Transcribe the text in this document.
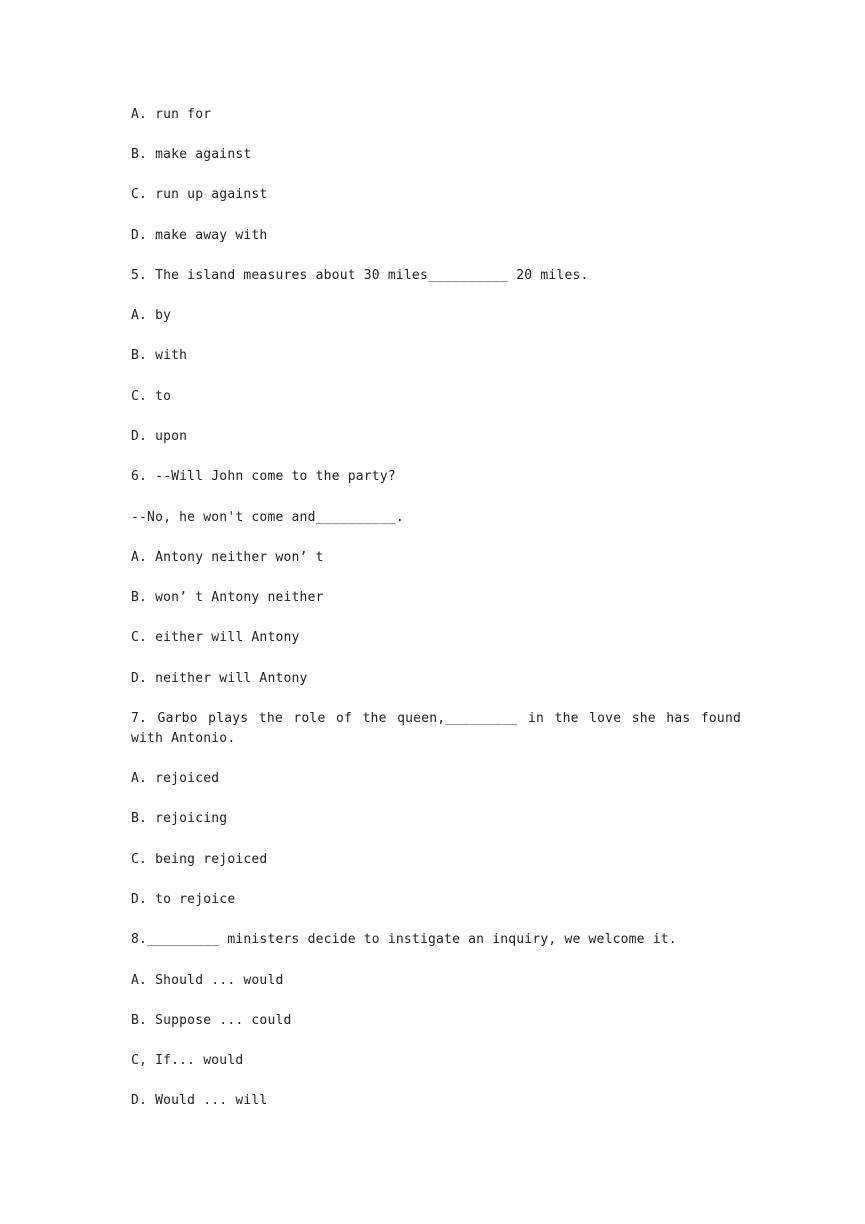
A. run for
B. make against
C. run up against
D. make away with
5. The island measures about 30 miles__________ 20 miles.
A. by
B. with
C. to
D. upon
6. --Will John come to the party?
--No, he won't come and__________.
A. Antony neither won’ t
B. won’ t Antony neither
C. either will Antony
D. neither will Antony
7. Garbo plays the role of the queen,_________ in the love she has found with Antonio.
A. rejoiced
B. rejoicing
C. being rejoiced
D. to rejoice
8._________ ministers decide to instigate an inquiry, we welcome it.
A. Should ... would
B. Suppose ... could
C, If... would
D. Would ... will
